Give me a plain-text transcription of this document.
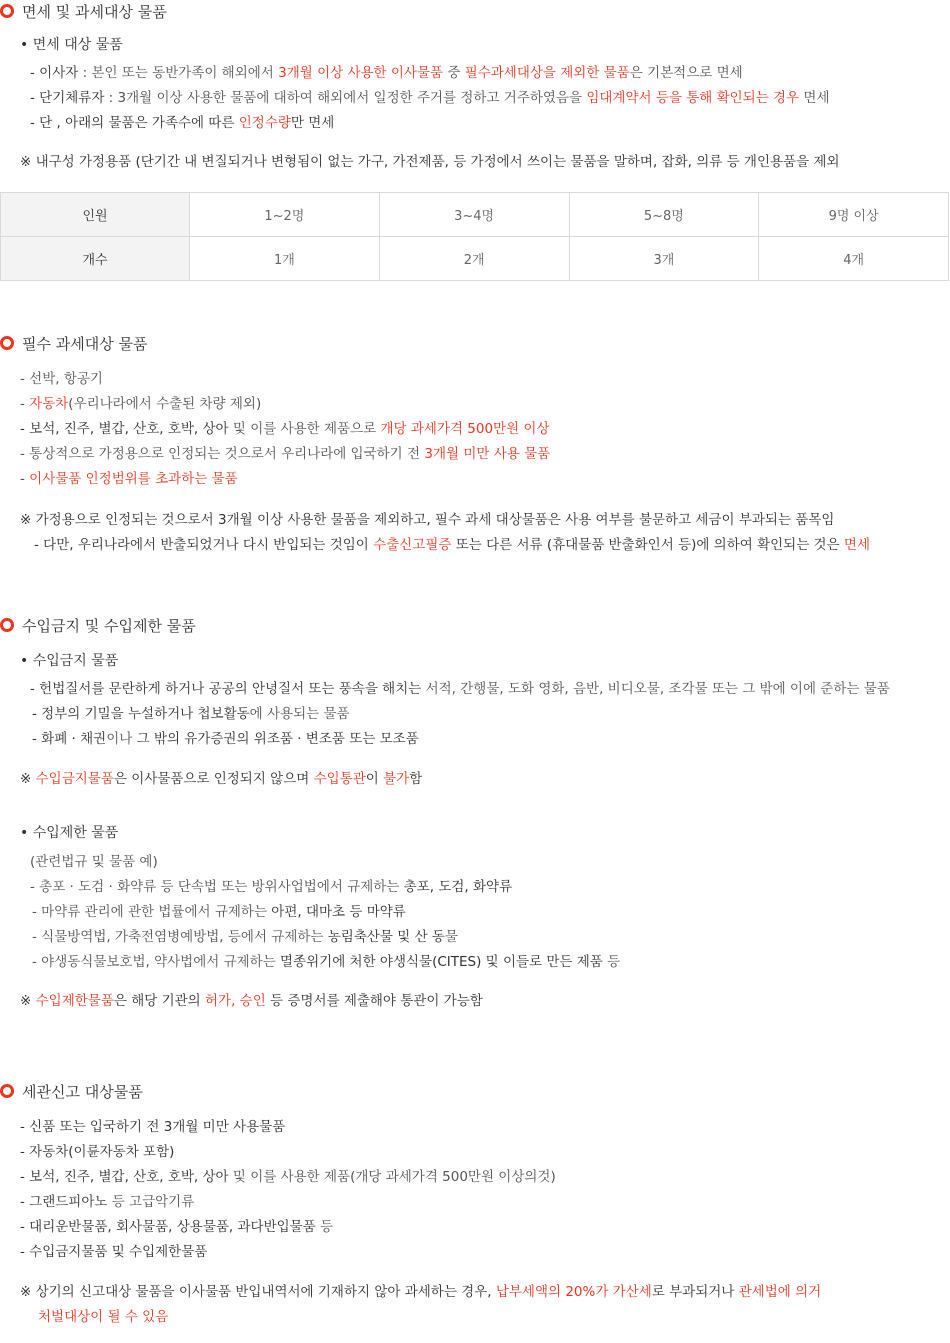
면세 및 과세대상 물품
• 면세 대상 물품
- 이사자 : 본인 또는 동반가족이 해외에서 3개월 이상 사용한 이사물품 중 필수과세대상을 제외한 물품은 기본적으로 면세
- 단기체류자 : 3개월 이상 사용한 물품에 대하여 해외에서 일정한 주거를 정하고 거주하였음을 임대계약서 등을 통해 확인되는 경우 면세
- 단 , 아래의 물품은 가족수에 따른 인정수량만 면세
※ 내구성 가정용품 (단기간 내 변질되거나 변형됨이 없는 가구, 가전제품, 등 가정에서 쓰이는 물품을 말하며, 잡화, 의류 등 개인용품을 제외
인원	1~2명	3~4명	5~8명	9명 이상
개수	1개	2개	3개	4개
필수 과세대상 물품
- 선박, 항공기
- 자동차(우리나라에서 수출된 차량 제외)
- 보석, 진주, 별갑, 산호, 호박, 상아 및 이를 사용한 제품으로 개당 과세가격 500만원 이상
- 통상적으로 가정용으로 인정되는 것으로서 우리나라에 입국하기 전 3개월 미만 사용 물품
- 이사물품 인정범위를 초과하는 물품
※ 가정용으로 인정되는 것으로서 3개월 이상 사용한 물품을 제외하고, 필수 과세 대상물품은 사용 여부를 불문하고 세금이 부과되는 품목임
- 다만, 우리나라에서 반출되었거나 다시 반입되는 것임이 수출신고필증 또는 다른 서류 (휴대물품 반출화인서 등)에 의하여 확인되는 것은 면세
수입금지 및 수입제한 물품
• 수입금지 물품
- 헌법질서를 문란하게 하거나 공공의 안녕질서 또는 풍속을 해치는 서적, 간행물, 도화 영화, 음반, 비디오물, 조각물 또는 그 밖에 이에 준하는 물품
- 정부의 기밀을 누설하거나 첩보활동에 사용되는 물품
- 화폐 · 채권이나 그 밖의 유가증권의 위조품 · 변조품 또는 모조품
※ 수입금지물품은 이사물품으로 인정되지 않으며 수입통관이 불가함
• 수입제한 물품
(관련법규 및 물품 예)
- 총포 · 도검 · 화약류 등 단속법 또는 방위사업법에서 규제하는 총포, 도검, 화약류
- 마약류 관리에 관한 법률에서 규제하는 아편, 대마초 등 마약류
- 식물방역법, 가축전염병예방법, 등에서 규제하는 농림축산물 및 산 동물
- 야생동식물보호법, 약사법에서 규제하는 멸종위기에 처한 야생식물(CITES) 및 이들로 만든 제품 등
※ 수입제한물품은 해당 기관의 허가, 승인 등 증명서를 제출해야 통관이 가능함
세관신고 대상물품
- 신품 또는 입국하기 전 3개월 미만 사용물품
- 자동차(이륜자동차 포함)
- 보석, 진주, 별갑, 산호, 호박, 상아 및 이를 사용한 제품(개당 과세가격 500만원 이상의것)
- 그랜드피아노 등 고급악기류
- 대리운반물품, 회사물품, 상용물품, 과다반입물품 등
- 수입금지물품 및 수입제한물품
※ 상기의 신고대상 물품을 이사물품 반입내역서에 기재하지 않아 과세하는 경우, 납부세액의 20%가 가산세로 부과되거나 관세법에 의거
처벌대상이 될 수 있음
